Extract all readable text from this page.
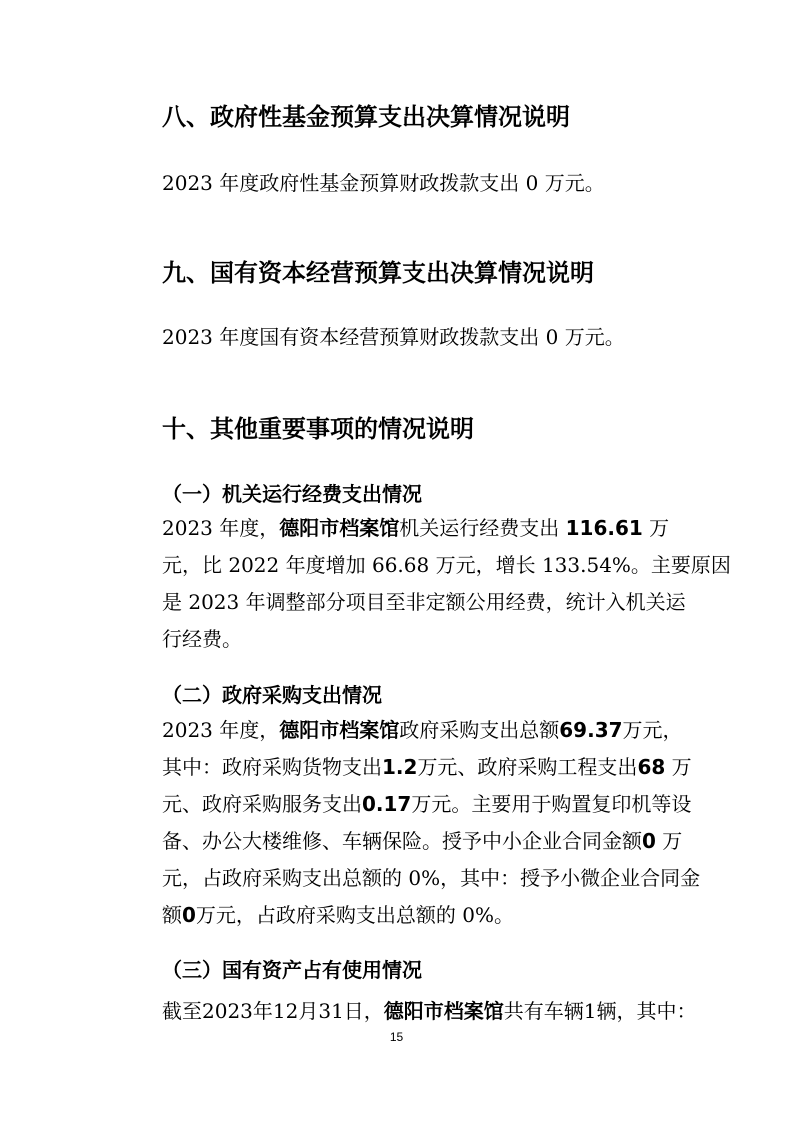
八、政府性基金预算支出决算情况说明
2023 年度政府性基金预算财政拨款支出 0 万元。
九、国有资本经营预算支出决算情况说明
2023 年度国有资本经营预算财政拨款支出 0 万元。
十、其他重要事项的情况说明
（一）机关运行经费支出情况
2023 年度，德阳市档案馆机关运行经费支出 116.61 万
元，比 2022 年度增加 66.68 万元，增长 133.54%。主要原因
是 2023 年调整部分项目至非定额公用经费，统计入机关运
行经费。
（二）政府采购支出情况
2023 年度，德阳市档案馆政府采购支出总额69.37万元，
其中：政府采购货物支出1.2万元、政府采购工程支出68 万
元、政府采购服务支出0.17万元。主要用于购置复印机等设
备、办公大楼维修、车辆保险。授予中小企业合同金额0 万
元，占政府采购支出总额的 0%，其中：授予小微企业合同金
额0万元，占政府采购支出总额的 0%。
（三）国有资产占有使用情况
截至2023年12月31日，德阳市档案馆共有车辆1辆，其中：
15
